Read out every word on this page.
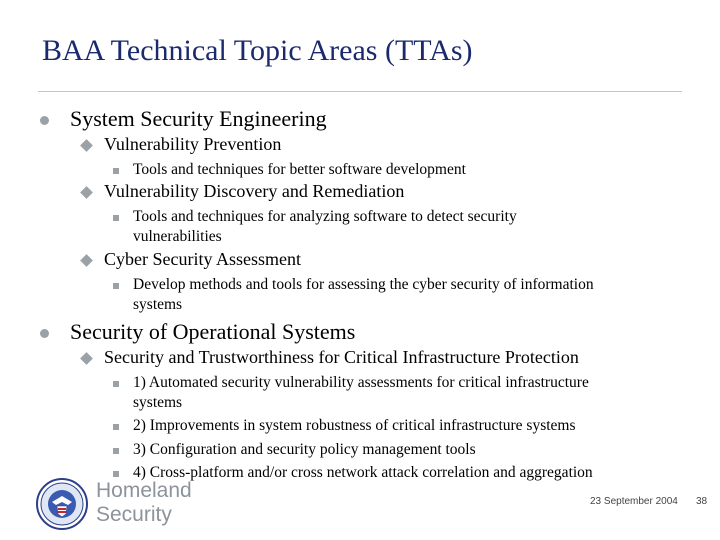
BAA Technical Topic Areas (TTAs)
System Security Engineering
Vulnerability Prevention
Tools and techniques for better software development
Vulnerability Discovery and Remediation
Tools and techniques for analyzing software to detect security
vulnerabilities
Cyber Security Assessment
Develop methods and tools for assessing the cyber security of information
systems
Security of Operational Systems
Security and Trustworthiness for Critical Infrastructure Protection
1) Automated security vulnerability assessments for critical infrastructure
systems
2) Improvements in system robustness of critical infrastructure systems
3) Configuration and security policy management tools
4) Cross-platform and/or cross network attack correlation and aggregation
Homeland
Security
23 September 2004 38
